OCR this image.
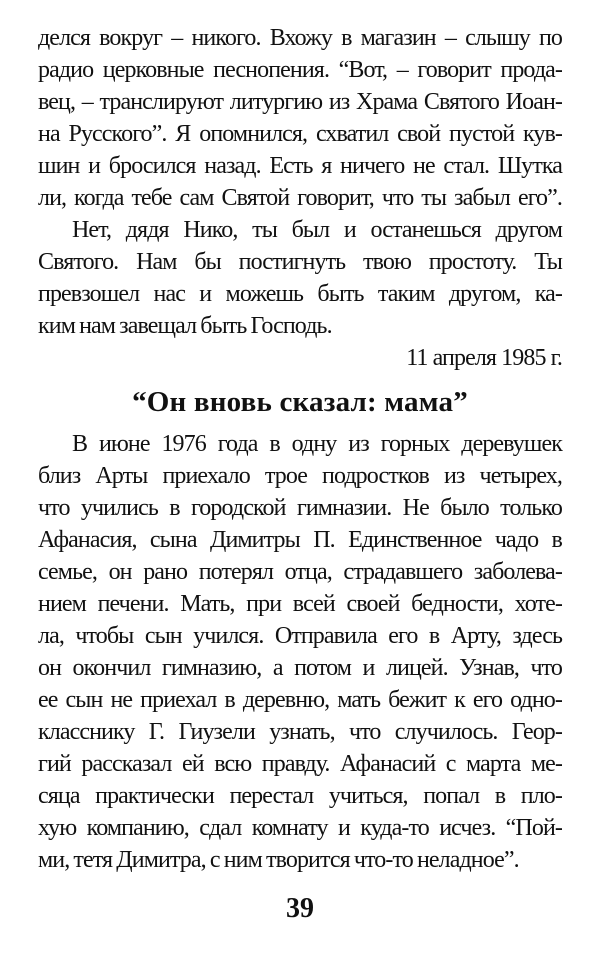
делся вокруг – никого. Вхожу в магазин – слышу по
радио церковные песнопения. “Вот, – говорит прода-
вец, – транслируют литургию из Храма Святого Иоан-
на Русского”. Я опомнился, схватил свой пустой кув-
шин и бросился назад. Есть я ничего не стал. Шутка
ли, когда тебе сам Святой говорит, что ты забыл его”.
Нет, дядя Нико, ты был и останешься другом
Святого. Нам бы постигнуть твою простоту. Ты
превзошел нас и можешь быть таким другом, ка-
ким нам завещал быть Господь.
11 апреля 1985 г.
“Он вновь сказал: мама”
В июне 1976 года в одну из горных деревушек
близ Арты приехало трое подростков из четырех,
что учились в городской гимназии. Не было только
Афанасия, сына Димитры П. Единственное чадо в
семье, он рано потерял отца, страдавшего заболева-
нием печени. Мать, при всей своей бедности, хоте-
ла, чтобы сын учился. Отправила его в Арту, здесь
он окончил гимназию, а потом и лицей. Узнав, что
ее сын не приехал в деревню, мать бежит к его одно-
класснику Г. Гиузели узнать, что случилось. Геор-
гий рассказал ей всю правду. Афанасий с марта ме-
сяца практически перестал учиться, попал в пло-
хую компанию, сдал комнату и куда-то исчез. “Пой-
ми, тетя Димитра, с ним творится что-то неладное”.
39
